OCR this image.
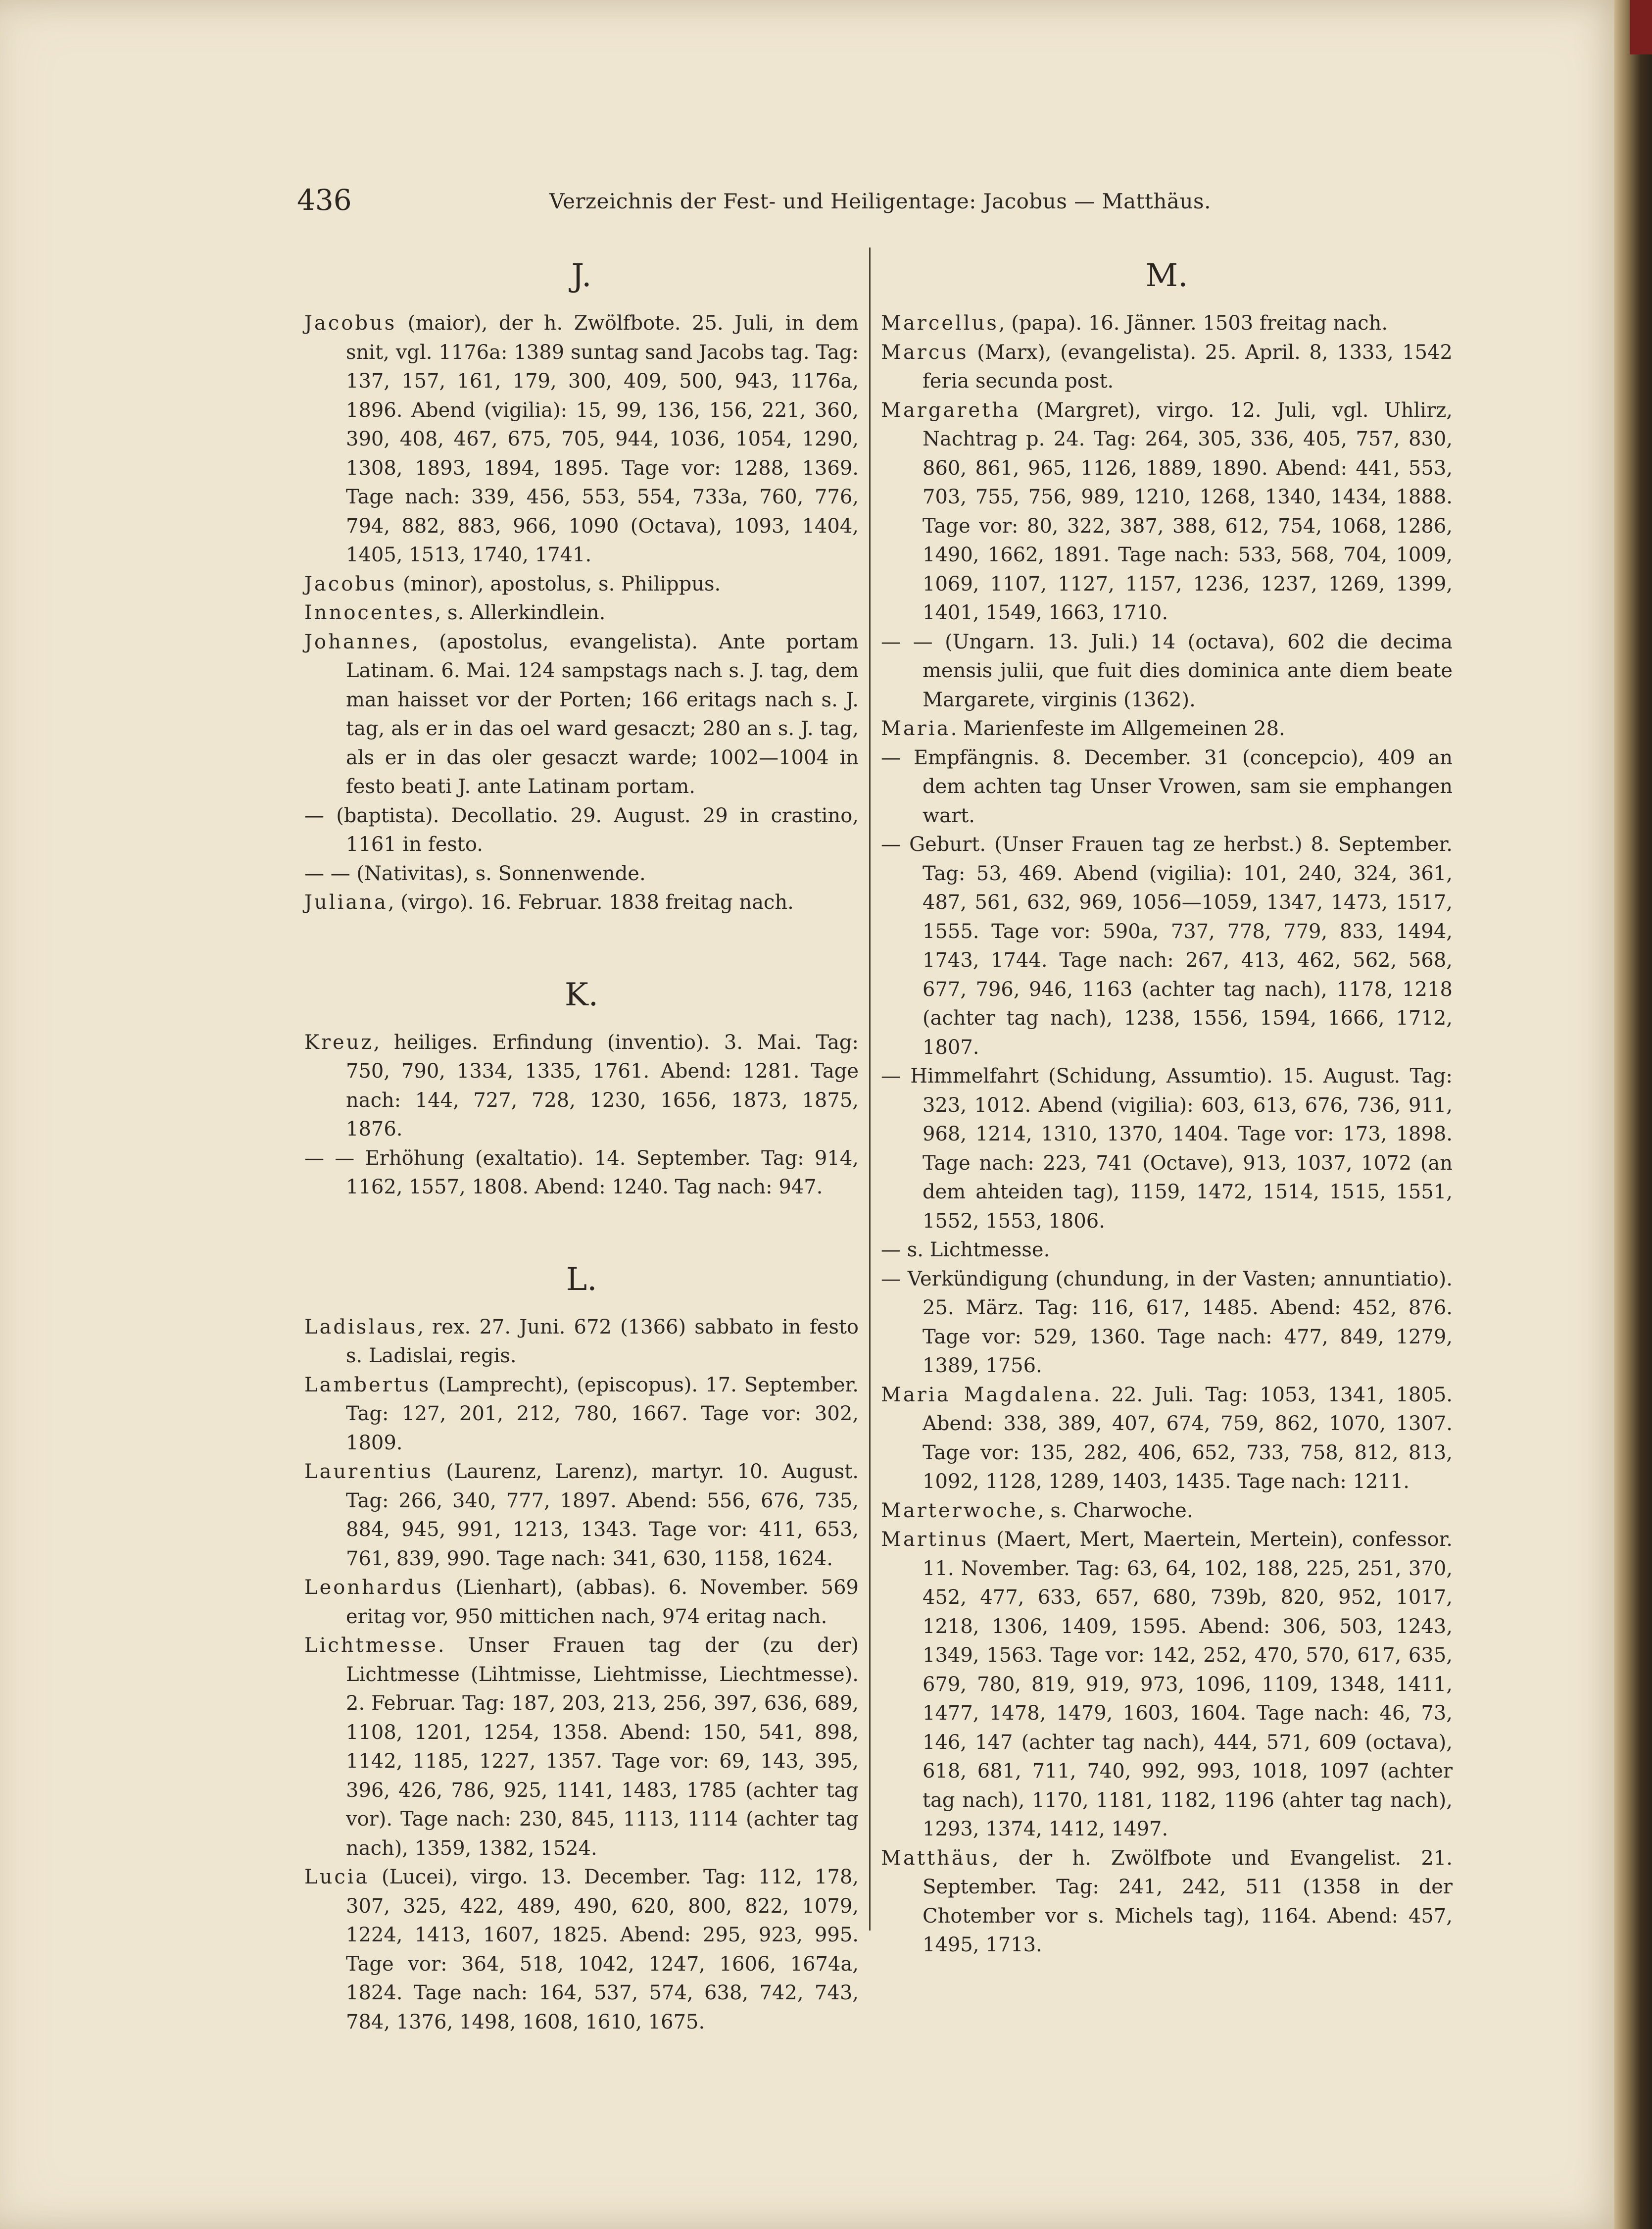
436	Verzeichnis der Fest- und Heiligentage: Jacobus — Matthäus.
J.
Jacobus (maior), der h. Zwölfbote. 25. Juli, in dem snit, vgl. 1176a: 1389 suntag sand Jacobs tag. Tag: 137, 157, 161, 179, 300, 409, 500, 943, 1176a, 1896. Abend (vigilia): 15, 99, 136, 156, 221, 360, 390, 408, 467, 675, 705, 944, 1036, 1054, 1290, 1308, 1893, 1894, 1895. Tage vor: 1288, 1369. Tage nach: 339, 456, 553, 554, 733a, 760, 776, 794, 882, 883, 966, 1090 (Octava), 1093, 1404, 1405, 1513, 1740, 1741.
Jacobus (minor), apostolus, s. Philippus.
Innocentes, s. Allerkindlein.
Johannes, (apostolus, evangelista). Ante portam Latinam. 6. Mai. 124 sampstags nach s. J. tag, dem man haisset vor der Porten; 166 eritags nach s. J. tag, als er in das oel ward gesaczt; 280 an s. J. tag, als er in das oler gesaczt warde; 1002—1004 in festo beati J. ante Latinam portam.
— (baptista). Decollatio. 29. August. 29 in crastino, 1161 in festo.
— — (Nativitas), s. Sonnenwende.
Juliana, (virgo). 16. Februar. 1838 freitag nach.
K.
Kreuz, heiliges. Erfindung (inventio). 3. Mai. Tag: 750, 790, 1334, 1335, 1761. Abend: 1281. Tage nach: 144, 727, 728, 1230, 1656, 1873, 1875, 1876.
— — Erhöhung (exaltatio). 14. September. Tag: 914, 1162, 1557, 1808. Abend: 1240. Tag nach: 947.
L.
Ladislaus, rex. 27. Juni. 672 (1366) sabbato in festo s. Ladislai, regis.
Lambertus (Lamprecht), (episcopus). 17. September. Tag: 127, 201, 212, 780, 1667. Tage vor: 302, 1809.
Laurentius (Laurenz, Larenz), martyr. 10. August. Tag: 266, 340, 777, 1897. Abend: 556, 676, 735, 884, 945, 991, 1213, 1343. Tage vor: 411, 653, 761, 839, 990. Tage nach: 341, 630, 1158, 1624.
Leonhardus (Lienhart), (abbas). 6. November. 569 eritag vor, 950 mittichen nach, 974 eritag nach.
Lichtmesse. Unser Frauen tag der (zu der) Lichtmesse (Lihtmisse, Liehtmisse, Liechtmesse). 2. Februar. Tag: 187, 203, 213, 256, 397, 636, 689, 1108, 1201, 1254, 1358. Abend: 150, 541, 898, 1142, 1185, 1227, 1357. Tage vor: 69, 143, 395, 396, 426, 786, 925, 1141, 1483, 1785 (achter tag vor). Tage nach: 230, 845, 1113, 1114 (achter tag nach), 1359, 1382, 1524.
Lucia (Lucei), virgo. 13. December. Tag: 112, 178, 307, 325, 422, 489, 490, 620, 800, 822, 1079, 1224, 1413, 1607, 1825. Abend: 295, 923, 995. Tage vor: 364, 518, 1042, 1247, 1606, 1674a, 1824. Tage nach: 164, 537, 574, 638, 742, 743, 784, 1376, 1498, 1608, 1610, 1675.
M.
Marcellus, (papa). 16. Jänner. 1503 freitag nach.
Marcus (Marx), (evangelista). 25. April. 8, 1333, 1542 feria secunda post.
Margaretha (Margret), virgo. 12. Juli, vgl. Uhlirz, Nachtrag p. 24. Tag: 264, 305, 336, 405, 757, 830, 860, 861, 965, 1126, 1889, 1890. Abend: 441, 553, 703, 755, 756, 989, 1210, 1268, 1340, 1434, 1888. Tage vor: 80, 322, 387, 388, 612, 754, 1068, 1286, 1490, 1662, 1891. Tage nach: 533, 568, 704, 1009, 1069, 1107, 1127, 1157, 1236, 1237, 1269, 1399, 1401, 1549, 1663, 1710.
— — (Ungarn. 13. Juli.) 14 (octava), 602 die decima mensis julii, que fuit dies dominica ante diem beate Margarete, virginis (1362).
Maria. Marienfeste im Allgemeinen 28.
— Empfängnis. 8. December. 31 (concepcio), 409 an dem achten tag Unser Vrowen, sam sie emphangen wart.
— Geburt. (Unser Frauen tag ze herbst.) 8. September. Tag: 53, 469. Abend (vigilia): 101, 240, 324, 361, 487, 561, 632, 969, 1056—1059, 1347, 1473, 1517, 1555. Tage vor: 590a, 737, 778, 779, 833, 1494, 1743, 1744. Tage nach: 267, 413, 462, 562, 568, 677, 796, 946, 1163 (achter tag nach), 1178, 1218 (achter tag nach), 1238, 1556, 1594, 1666, 1712, 1807.
— Himmelfahrt (Schidung, Assumtio). 15. August. Tag: 323, 1012. Abend (vigilia): 603, 613, 676, 736, 911, 968, 1214, 1310, 1370, 1404. Tage vor: 173, 1898. Tage nach: 223, 741 (Octave), 913, 1037, 1072 (an dem ahteiden tag), 1159, 1472, 1514, 1515, 1551, 1552, 1553, 1806.
— s. Lichtmesse.
— Verkündigung (chundung, in der Vasten; annuntiatio). 25. März. Tag: 116, 617, 1485. Abend: 452, 876. Tage vor: 529, 1360. Tage nach: 477, 849, 1279, 1389, 1756.
Maria Magdalena. 22. Juli. Tag: 1053, 1341, 1805. Abend: 338, 389, 407, 674, 759, 862, 1070, 1307. Tage vor: 135, 282, 406, 652, 733, 758, 812, 813, 1092, 1128, 1289, 1403, 1435. Tage nach: 1211.
Marterwoche, s. Charwoche.
Martinus (Maert, Mert, Maertein, Mertein), confessor. 11. November. Tag: 63, 64, 102, 188, 225, 251, 370, 452, 477, 633, 657, 680, 739b, 820, 952, 1017, 1218, 1306, 1409, 1595. Abend: 306, 503, 1243, 1349, 1563. Tage vor: 142, 252, 470, 570, 617, 635, 679, 780, 819, 919, 973, 1096, 1109, 1348, 1411, 1477, 1478, 1479, 1603, 1604. Tage nach: 46, 73, 146, 147 (achter tag nach), 444, 571, 609 (octava), 618, 681, 711, 740, 992, 993, 1018, 1097 (achter tag nach), 1170, 1181, 1182, 1196 (ahter tag nach), 1293, 1374, 1412, 1497.
Matthäus, der h. Zwölfbote und Evangelist. 21. September. Tag: 241, 242, 511 (1358 in der Chotember vor s. Michels tag), 1164. Abend: 457, 1495, 1713.
